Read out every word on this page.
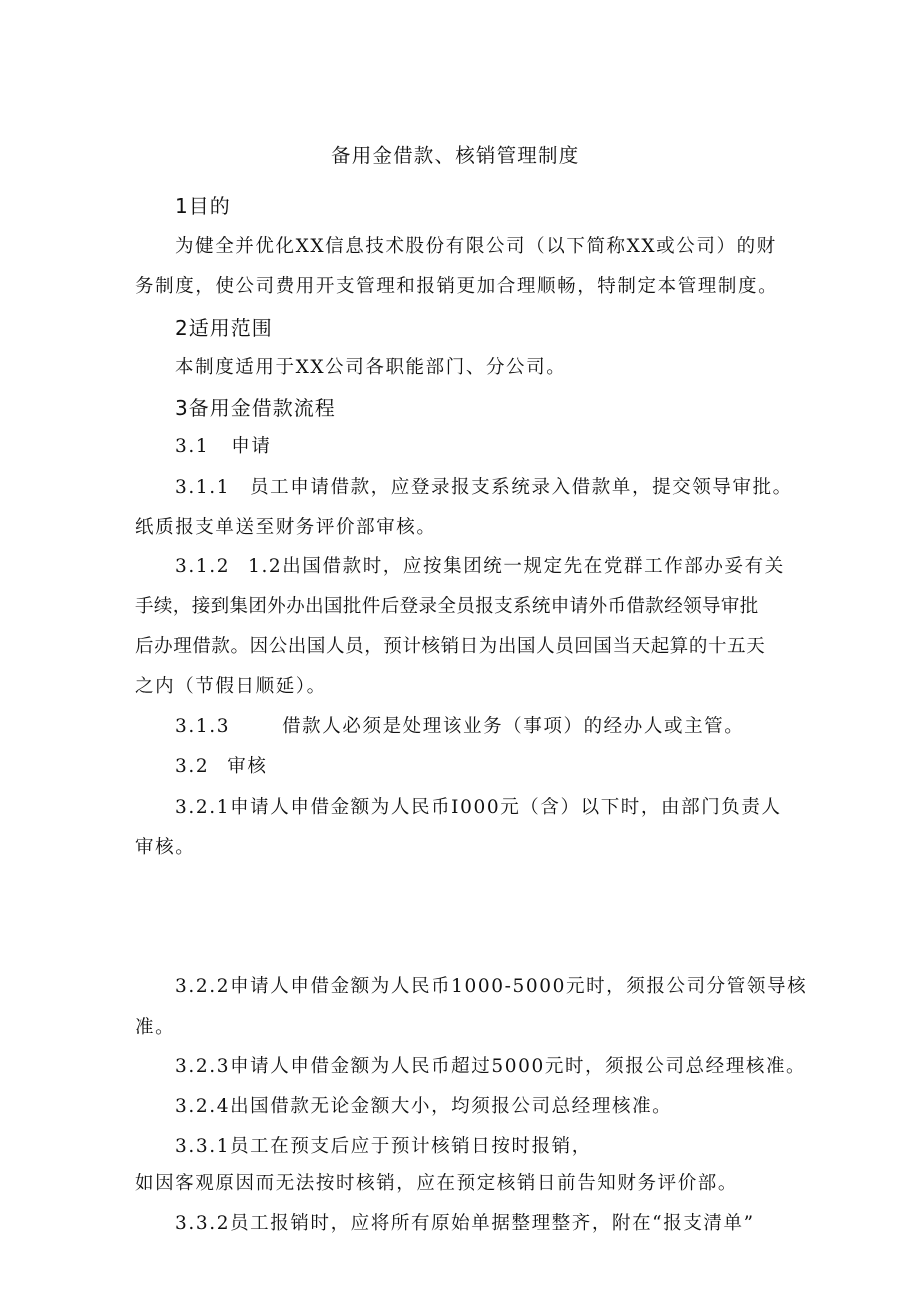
备用金借款、核销管理制度
1目的
为健全并优化XX信息技术股份有限公司（以下简称XX或公司）的财
务制度，使公司费用开支管理和报销更加合理顺畅，特制定本管理制度。
2适用范围
本制度适用于XX公司各职能部门、分公司。
3备用金借款流程
3.1 申请
3.1.1 员工申请借款，应登录报支系统录入借款单，提交领导审批。
纸质报支单送至财务评价部审核。
3.1.2 1.2出国借款时，应按集团统一规定先在党群工作部办妥有关
手续，接到集团外办出国批件后登录全员报支系统申请外币借款经领导审批
后办理借款。因公出国人员，预计核销日为出国人员回国当天起算的十五天
之内（节假日顺延）。
3.1.3	借款人必须是处理该业务（事项）的经办人或主管。
3.2 审核
3.2.1申请人申借金额为人民币I000元（含）以下时，由部门负责人
审核。
3.2.2申请人申借金额为人民币1000-5000元时，须报公司分管领导核
准。
3.2.3申请人申借金额为人民币超过5000元时，须报公司总经理核准。
3.2.4出国借款无论金额大小，均须报公司总经理核准。
3.3.1员工在预支后应于预计核销日按时报销，
如因客观原因而无法按时核销，应在预定核销日前告知财务评价部。
3.3.2员工报销时，应将所有原始单据整理整齐，附在“报支清单”
